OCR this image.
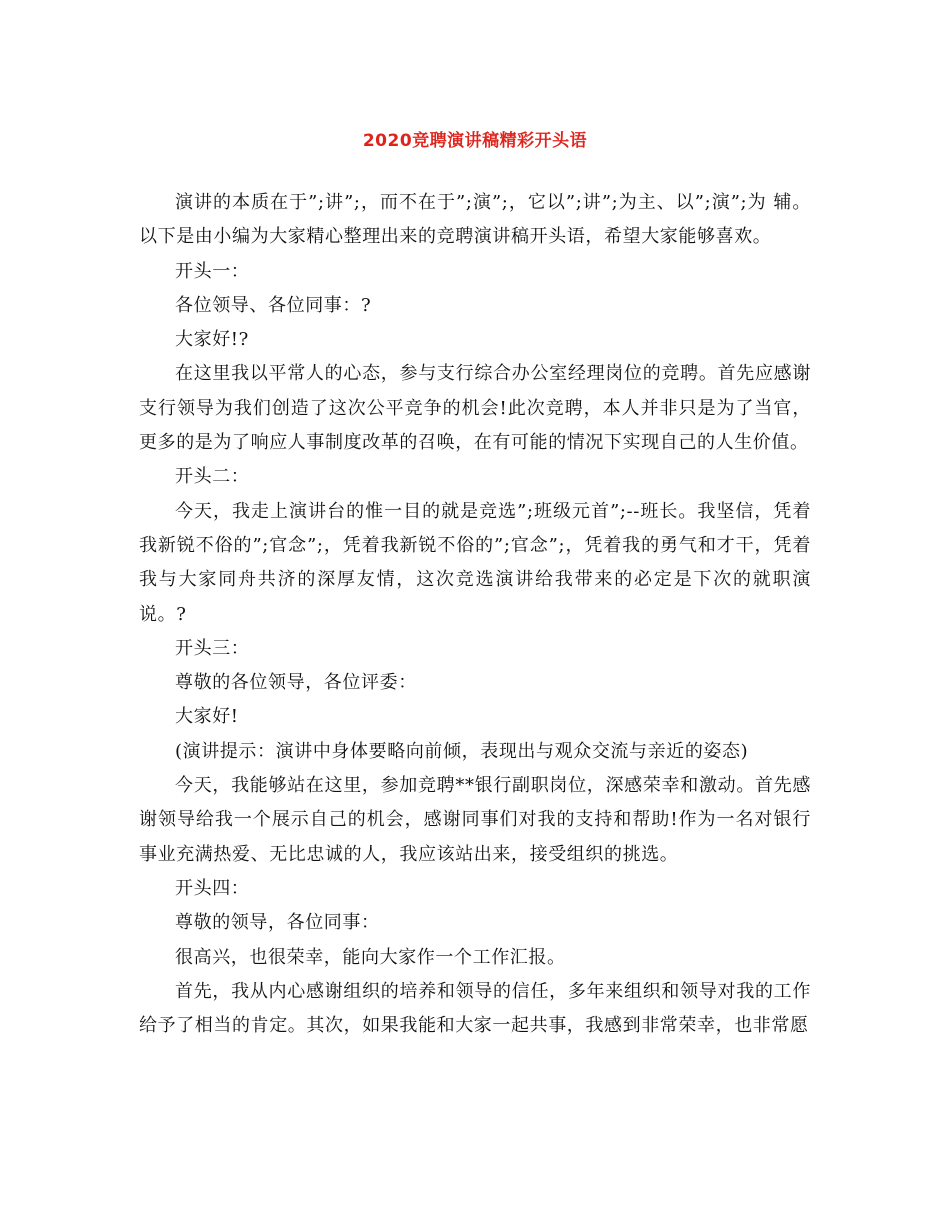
2020竞聘演讲稿精彩开头语

演讲的本质在于”;讲”;，而不在于”;演”;，它以”;讲”;为主、以”;演”;为 辅。以下是由小编为大家精心整理出来的竞聘演讲稿开头语，希望大家能够喜欢。

开头一：

各位领导、各位同事：?

大家好!?

在这里我以平常人的心态，参与支行综合办公室经理岗位的竞聘。首先应感谢支行领导为我们创造了这次公平竞争的机会!此次竞聘，本人并非只是为了当官，更多的是为了响应人事制度改革的召唤，在有可能的情况下实现自己的人生价值。

开头二：

今天，我走上演讲台的惟一目的就是竞选”;班级元首”;--班长。我坚信，凭着我新锐不俗的”;官念”;，凭着我新锐不俗的”;官念”;，凭着我的勇气和才干，凭着我与大家同舟共济的深厚友情，这次竞选演讲给我带来的必定是下次的就职演说。?

开头三：

尊敬的各位领导，各位评委：

大家好!

(演讲提示：演讲中身体要略向前倾，表现出与观众交流与亲近的姿态)

今天，我能够站在这里，参加竞聘**银行副职岗位，深感荣幸和激动。首先感谢领导给我一个展示自己的机会，感谢同事们对我的支持和帮助!作为一名对银行事业充满热爱、无比忠诚的人，我应该站出来，接受组织的挑选。

开头四：

尊敬的领导，各位同事：

很高兴，也很荣幸，能向大家作一个工作汇报。

首先，我从内心感谢组织的培养和领导的信任，多年来组织和领导对我的工作给予了相当的肯定。其次，如果我能和大家一起共事，我感到非常荣幸，也非常愿
